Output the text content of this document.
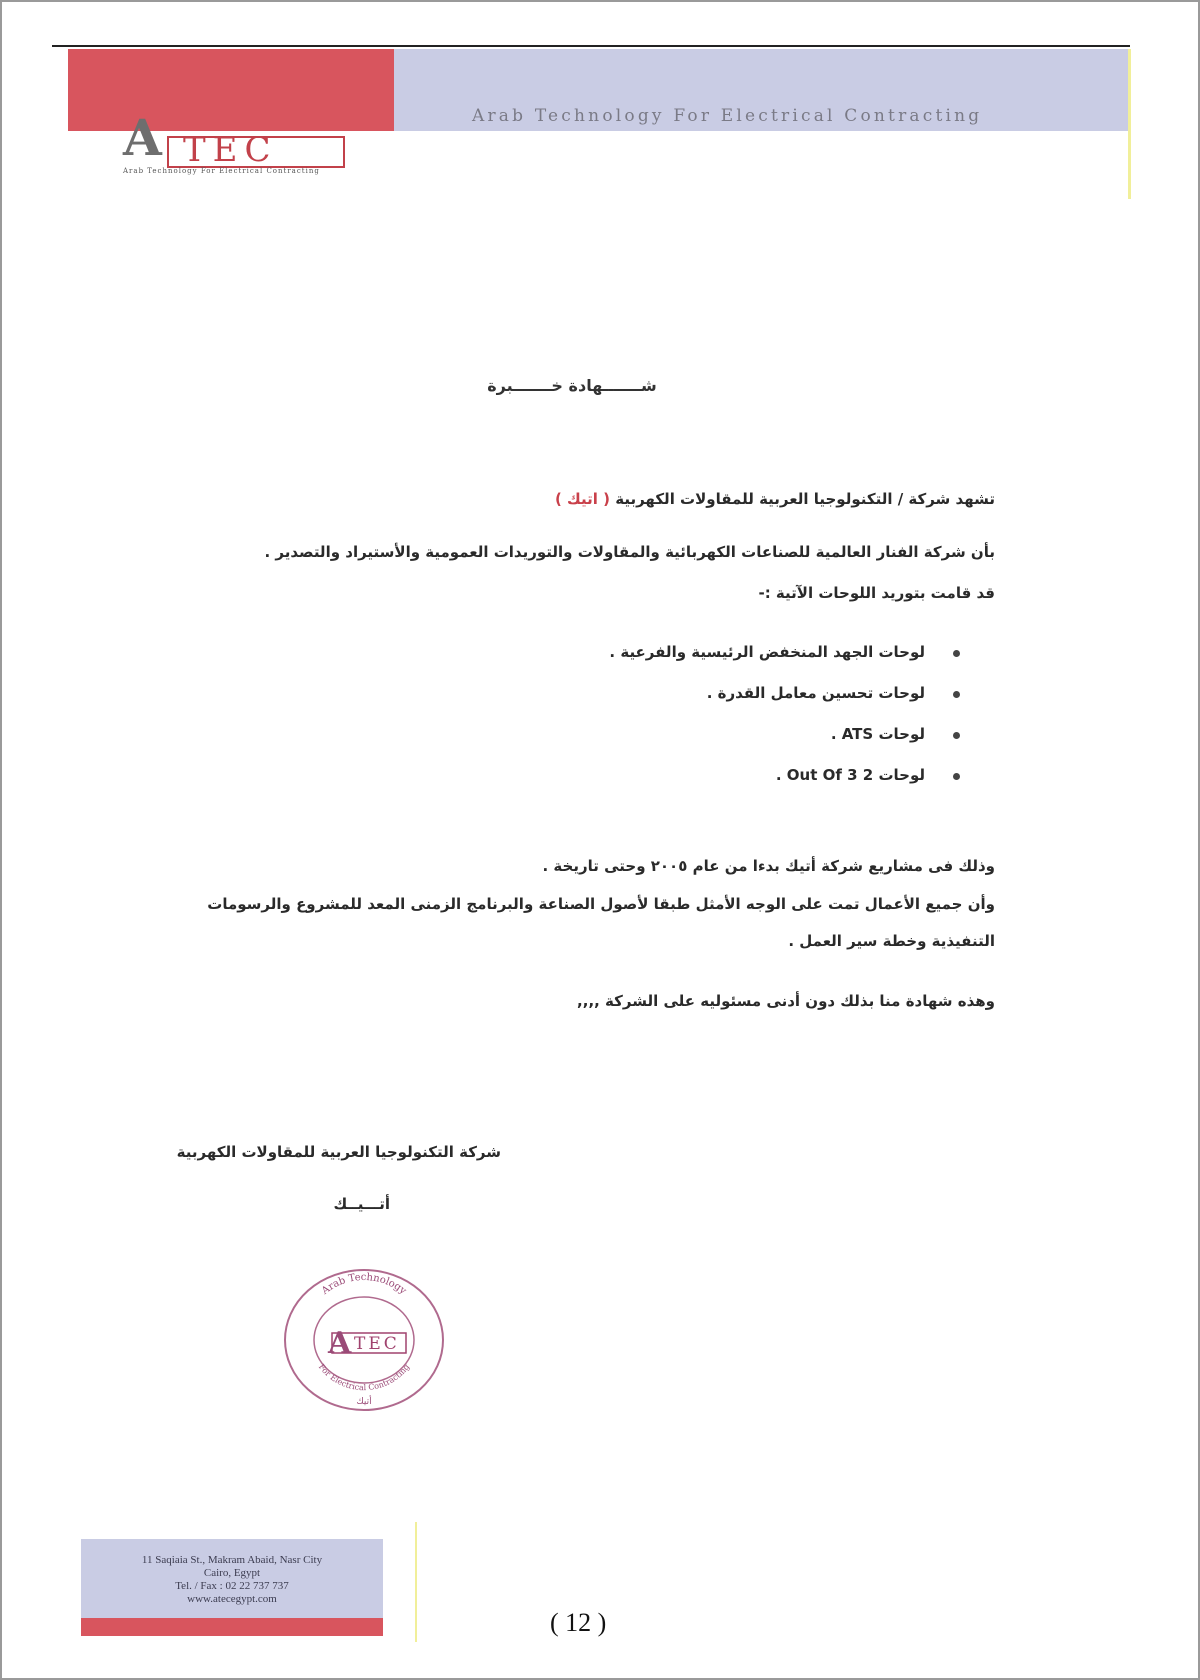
Arab Technology For Electrical Contracting
A TEC
Arab Technology For Electrical Contracting
شـــــــهادة خـــــــبرة
تشهد شركة / التكنولوجيا العربية للمقاولات الكهربية ( اتيك )
بأن شركة الفنار العالمية للصناعات الكهربائية والمقاولات والتوريدات العمومية والأستيراد والتصدير .
قد قامت بتوريد اللوحات الآتية :-
لوحات الجهد المنخفض الرئيسية والفرعية .
لوحات تحسين معامل القدرة .
لوحات ATS .
لوحات 2 Out Of 3 .
وذلك فى مشاريع شركة أتيك بدءا من عام ٢٠٠٥ وحتى تاريخة .
وأن جميع الأعمال تمت على الوجه الأمثل طبقا لأصول الصناعة والبرنامج الزمنى المعد للمشروع والرسومات
التنفيذية وخطة سير العمل .
وهذه شهادة منا بذلك دون أدنى مسئوليه على الشركة ,,,,
شركة التكنولوجيا العربية للمقاولات الكهربية
أتـــيــك
Arab Technology
For Electrical Contracting
A TEC
أتيك
11 Saqiaia St., Makram Abaid, Nasr City
Cairo, Egypt
Tel. / Fax : 02 22 737 737
www.atecegypt.com
( 12 )
